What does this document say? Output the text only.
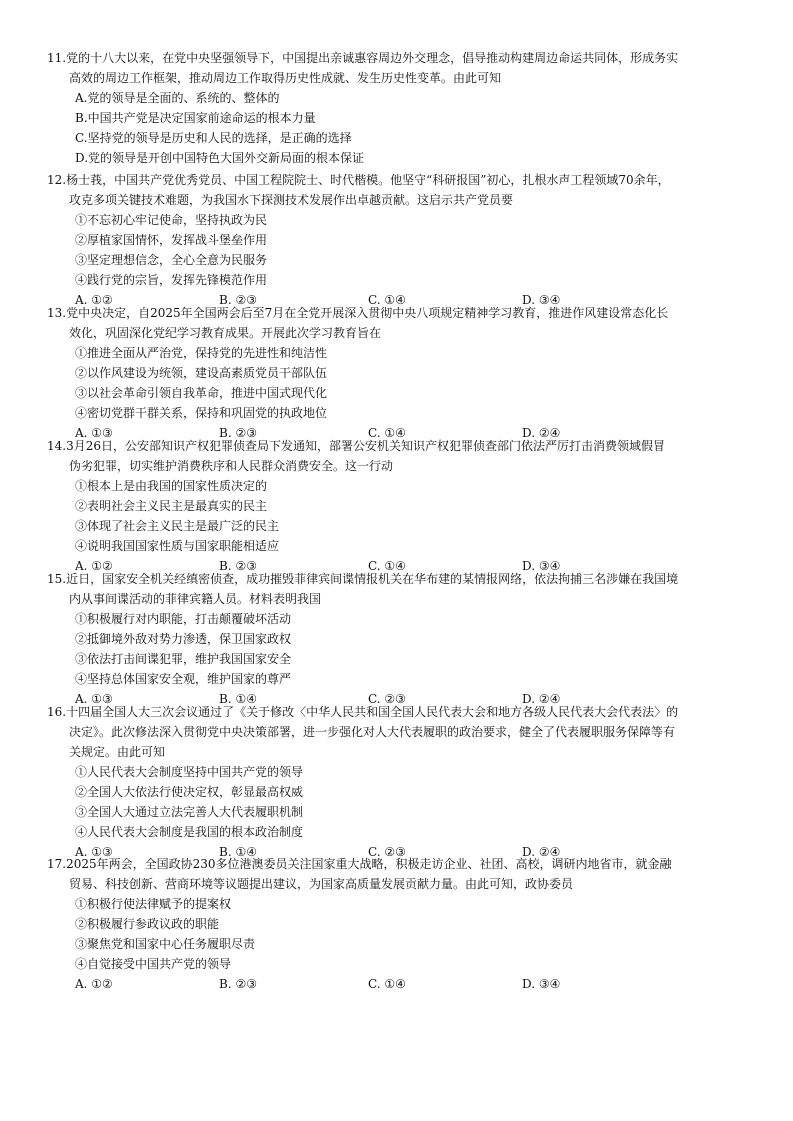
11.党的十八大以来，在党中央坚强领导下，中国提出亲诚惠容周边外交理念，倡导推动构建周边命运共同体，形成务实
高效的周边工作框架，推动周边工作取得历史性成就、发生历史性变革。由此可知
A.党的领导是全面的、系统的、整体的
B.中国共产党是决定国家前途命运的根本力量
C.坚持党的领导是历史和人民的选择，是正确的选择
D.党的领导是开创中国特色大国外交新局面的根本保证
12.杨士莪，中国共产党优秀党员、中国工程院院士、时代楷模。他坚守“科研报国”初心，扎根水声工程领域70余年，
攻克多项关键技术难题，为我国水下探测技术发展作出卓越贡献。这启示共产党员要
①不忘初心牢记使命，坚持执政为民
②厚植家国情怀，发挥战斗堡垒作用
③坚定理想信念，全心全意为民服务
④践行党的宗旨，发挥先锋模范作用
A. ①②	B. ②③	C. ①④	D. ③④
13.党中央决定，自2025年全国两会后至7月在全党开展深入贯彻中央八项规定精神学习教育，推进作风建设常态化长
效化，巩固深化党纪学习教育成果。开展此次学习教育旨在
①推进全面从严治党，保持党的先进性和纯洁性
②以作风建设为统领，建设高素质党员干部队伍
③以社会革命引领自我革命，推进中国式现代化
④密切党群干群关系，保持和巩固党的执政地位
A. ①③	B. ②③	C. ①④	D. ②④
14.3月26日，公安部知识产权犯罪侦查局下发通知，部署公安机关知识产权犯罪侦查部门依法严厉打击消费领域假冒
伪劣犯罪，切实维护消费秩序和人民群众消费安全。这一行动
①根本上是由我国的国家性质决定的
②表明社会主义民主是最真实的民主
③体现了社会主义民主是最广泛的民主
④说明我国国家性质与国家职能相适应
A. ①②	B. ②③	C. ①④	D. ③④
15.近日，国家安全机关经缜密侦查，成功摧毁菲律宾间谍情报机关在华布建的某情报网络，依法拘捕三名涉嫌在我国境
内从事间谍活动的菲律宾籍人员。材料表明我国
①积极履行对内职能，打击颠覆破坏活动
②抵御境外敌对势力渗透，保卫国家政权
③依法打击间谍犯罪，维护我国国家安全
④坚持总体国家安全观，维护国家的尊严
A. ①③	B. ①④	C. ②③	D. ②④
16.十四届全国人大三次会议通过了《关于修改〈中华人民共和国全国人民代表大会和地方各级人民代表大会代表法〉的
决定》。此次修法深入贯彻党中央决策部署，进一步强化对人大代表履职的政治要求，健全了代表履职服务保障等有
关规定。由此可知
①人民代表大会制度坚持中国共产党的领导
②全国人大依法行使决定权，彰显最高权威
③全国人大通过立法完善人大代表履职机制
④人民代表大会制度是我国的根本政治制度
A. ①③	B. ①④	C. ②③	D. ②④
17.2025年两会，全国政协230多位港澳委员关注国家重大战略，积极走访企业、社团、高校，调研内地省市，就金融
贸易、科技创新、营商环境等议题提出建议，为国家高质量发展贡献力量。由此可知，政协委员
①积极行使法律赋予的提案权
②积极履行参政议政的职能
③聚焦党和国家中心任务履职尽责
④自觉接受中国共产党的领导
A. ①②	B. ②③	C. ①④	D. ③④
